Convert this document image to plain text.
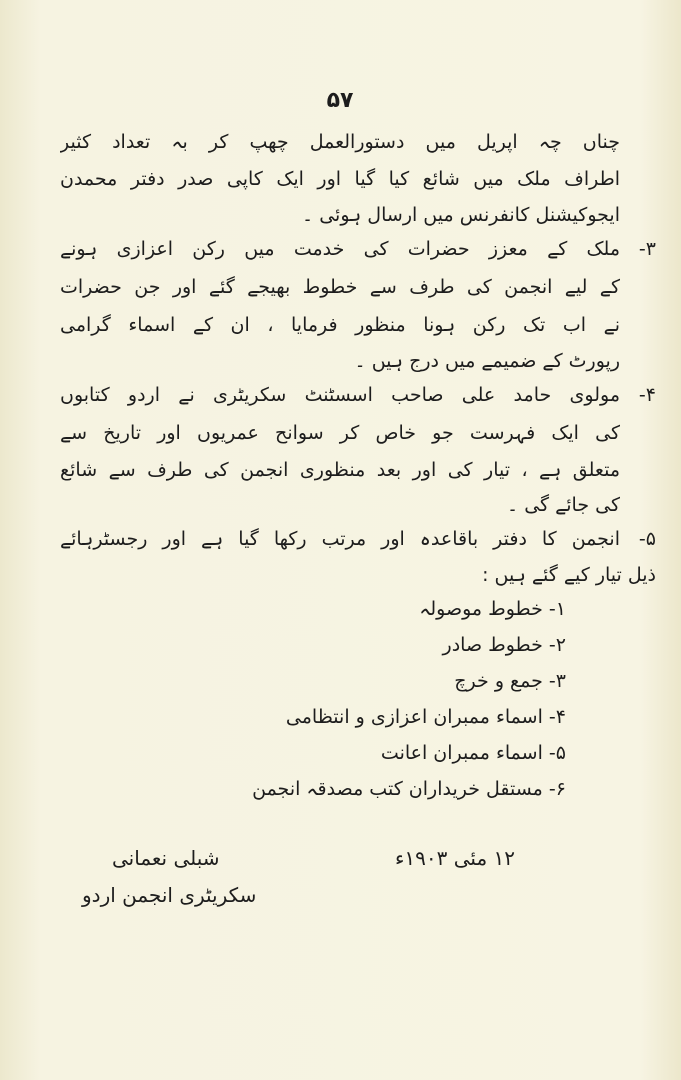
۵۷
چناں چہ اپریل میں دستورالعمل چھپ کر بہ تعداد کثیر
اطراف ملک میں شائع کیا گیا اور ایک کاپی صدر دفتر محمدن
ایجوکیشنل کانفرنس میں ارسال ہوئی ۔
۳-
ملک کے معزز حضرات کی خدمت میں رکن اعزازی ہونے
کے لیے انجمن کی طرف سے خطوط بھیجے گئے اور جن حضرات
نے اب تک رکن ہونا منظور فرمایا ، ان کے اسماء گرامی
رپورٹ کے ضمیمے میں درج ہیں ۔
۴-
مولوی حامد علی صاحب اسسٹنٹ سکریٹری نے اردو کتابوں
کی ایک فہرست جو خاص کر سوانح عمریوں اور تاریخ سے
متعلق ہے ، تیار کی اور بعد منظوری انجمن کی طرف سے شائع
کی جائے گی ۔
۵-
انجمن کا دفتر باقاعدہ اور مرتب رکھا گیا ہے اور رجسٹرہائے
ذیل تیار کیے گئے ہیں :
۱- خطوط موصولہ
۲- خطوط صادر
۳- جمع و خرچ
۴- اسماء ممبران اعزازی و انتظامی
۵- اسماء ممبران اعانت
۶- مستقل خریداران کتب مصدقہ انجمن
۱۲ مئی ۱۹۰۳ء
شبلی نعمانی
سکریٹری انجمن اردو
